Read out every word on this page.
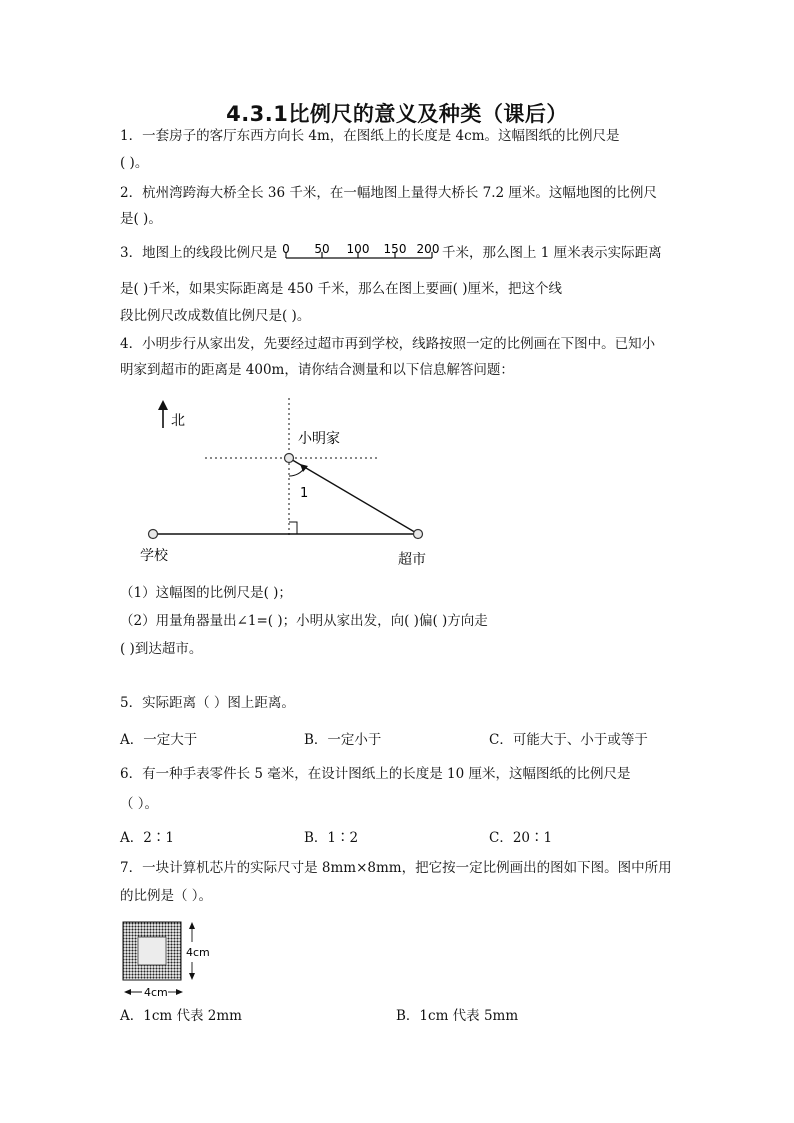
4.3.1比例尺的意义及种类（课后）
1．一套房子的客厅东西方向长 4m，在图纸上的长度是 4cm。这幅图纸的比例尺是
( )。
2．杭州湾跨海大桥全长 36 千米，在一幅地图上量得大桥长 7.2 厘米。这幅地图的比例尺
是( )。
3．地图上的线段比例尺是 0 50 100 150 200 千米，那么图上 1 厘米表示实际距离
是( )千米，如果实际距离是 450 千米，那么在图上要画( )厘米，把这个线
段比例尺改成数值比例尺是( )。
4．小明步行从家出发，先要经过超市再到学校，线路按照一定的比例画在下图中。已知小
明家到超市的距离是 400m，请你结合测量和以下信息解答问题：
北
1
小明家
学校	超市
（1）这幅图的比例尺是( )；
（2）用量角器量出∠1=( )；小明从家出发，向( )偏( )方向走
( )到达超市。
5．实际距离（ ）图上距离。
A．一定大于	B．一定小于	C．可能大于、小于或等于
6．有一种手表零件长 5 毫米，在设计图纸上的长度是 10 厘米，这幅图纸的比例尺是
（ ）。
A．2∶1	B．1∶2	C．20∶1
7．一块计算机芯片的实际尺寸是 8mm×8mm，把它按一定比例画出的图如下图。图中所用
的比例是（ ）。
4cm
4cm
A．1cm 代表 2mm	B．1cm 代表 5mm
